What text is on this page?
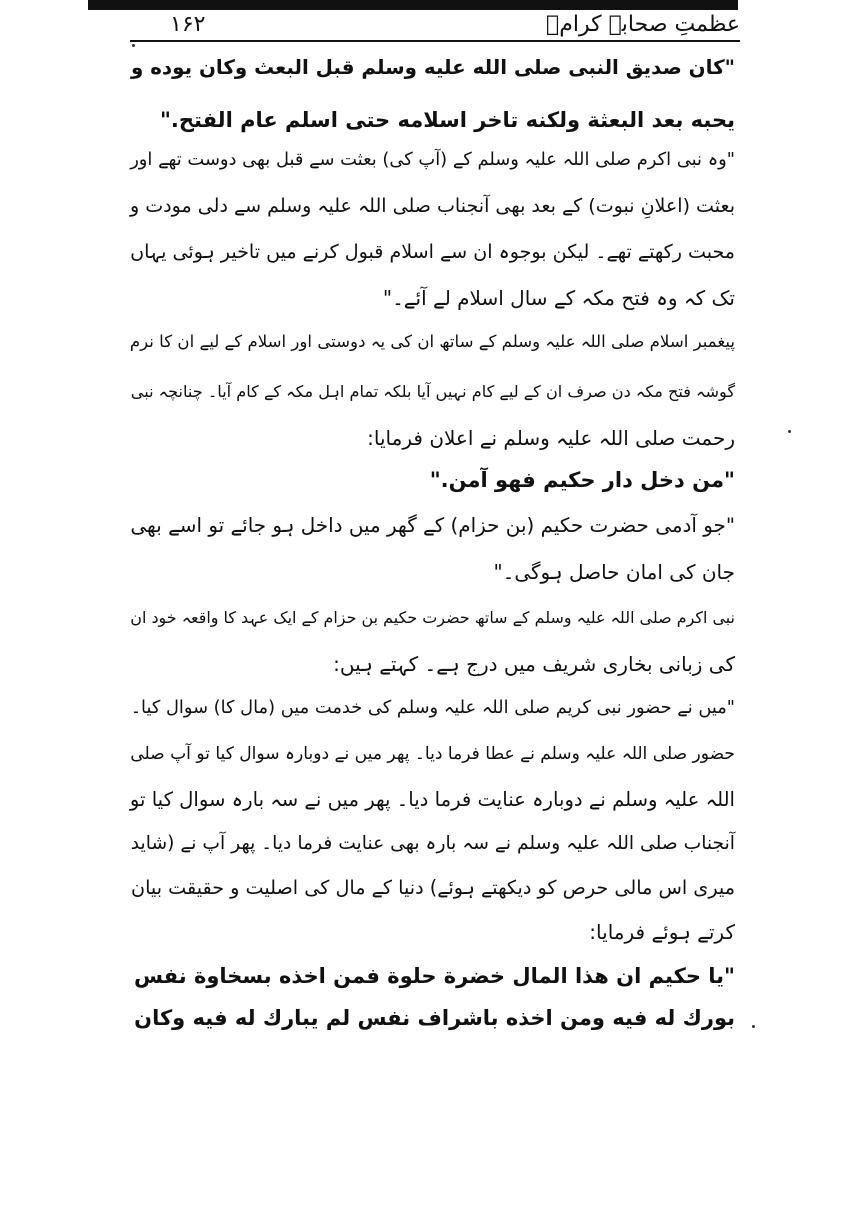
عظمتِ صحابہ کرامؓ
۱۶۲
"كان صديق النبى صلى الله عليه وسلم قبل البعث وكان يوده و
يحبه بعد البعثة ولكنه تاخر اسلامه حتى اسلم عام الفتح."
"وہ نبی اکرم صلی اللہ علیہ وسلم کے (آپ کی) بعثت سے قبل بھی دوست تھے اور
بعثت (اعلانِ نبوت) کے بعد بھی آنجناب صلی اللہ علیہ وسلم سے دلی مودت و
محبت رکھتے تھے۔ لیکن بوجوہ ان سے اسلام قبول کرنے میں تاخیر ہوئی یہاں
تک کہ وہ فتح مکہ کے سال اسلام لے آئے۔"
پیغمبر اسلام صلی اللہ علیہ وسلم کے ساتھ ان کی یہ دوستی اور اسلام کے لیے ان کا نرم
گوشہ فتح مکہ دن صرف ان کے لیے کام نہیں آیا بلکہ تمام اہل مکہ کے کام آیا۔ چنانچہ نبی
رحمت صلی اللہ علیہ وسلم نے اعلان فرمایا:
"من دخل دار حكيم فهو آمن."
"جو آدمی حضرت حکیم (بن حزام) کے گھر میں داخل ہو جائے تو اسے بھی
جان کی امان حاصل ہوگی۔"
نبی اکرم صلی اللہ علیہ وسلم کے ساتھ حضرت حکیم بن حزام کے ایک عہد کا واقعہ خود ان
کی زبانی بخاری شریف میں درج ہے۔ کہتے ہیں:
"میں نے حضور نبی کریم صلی اللہ علیہ وسلم کی خدمت میں (مال کا) سوال کیا۔
حضور صلی اللہ علیہ وسلم نے عطا فرما دیا۔ پھر میں نے دوبارہ سوال کیا تو آپ صلی
اللہ علیہ وسلم نے دوبارہ عنایت فرما دیا۔ پھر میں نے سہ بارہ سوال کیا تو
آنجناب صلی اللہ علیہ وسلم نے سہ بارہ بھی عنایت فرما دیا۔ پھر آپ نے (شاید
میری اس مالی حرص کو دیکھتے ہوئے) دنیا کے مال کی اصلیت و حقیقت بیان
کرتے ہوئے فرمایا:
"يا حكيم ان هذا المال خضرة حلوة فمن اخذه بسخاوة نفس
بورك له فيه ومن اخذه باشراف نفس لم يبارك له فيه وكان
